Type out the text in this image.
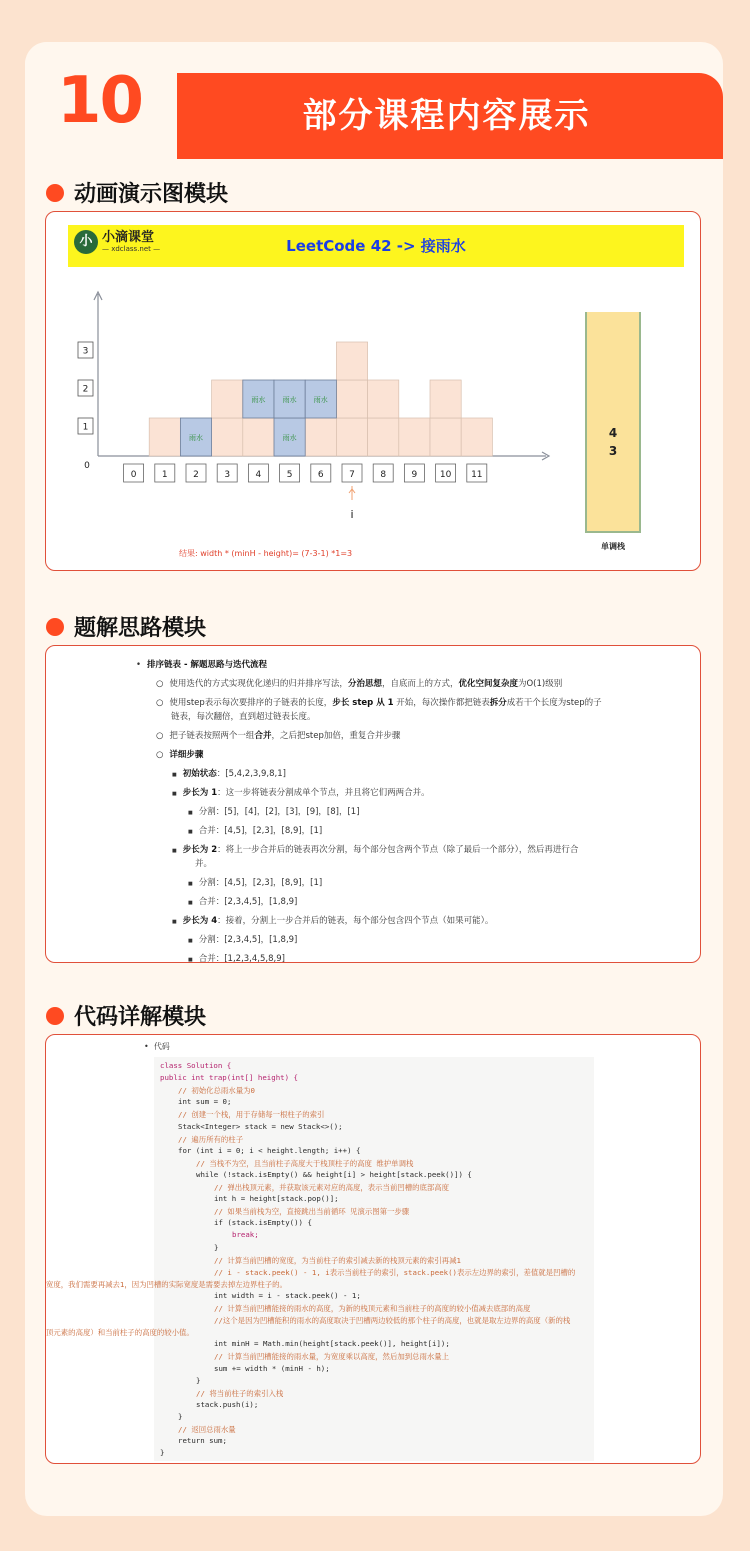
10	部分课程内容展示
动画演示图模块
小 小滴课堂
— xdclass.net —	LeetCode 42 -> 接雨水
3
2
1
0
雨水
雨水
雨水
雨水 雨水
0	1	2	3	4	5	6	7	8	9	10 11
i
4
3
单调栈
结果: width * (minH - height)= (7-3-1) *1=3
题解思路模块
• 排序链表 - 解题思路与迭代流程
○ 使用迭代的方式实现优化递归的归并排序写法，分治思想，自底而上的方式，优化空间复杂度为O(1)级别
○ 使用step表示每次要排序的子链表的长度，步长 step 从 1 开始，每次操作都把链表拆分成若干个长度为step的子
链表，每次翻倍，直到超过链表长度。
○ 把子链表按照两个一组合并，之后把step加倍，重复合并步骤
○ 详细步骤
■ 初始状态：[5,4,2,3,9,8,1]
■ 步长为 1：这一步将链表分割成单个节点，并且将它们两两合并。
■ 分割：[5]，[4]，[2]，[3]，[9]，[8]，[1]
■ 合并：[4,5]，[2,3]，[8,9]，[1]
■ 步长为 2：将上一步合并后的链表再次分割，每个部分包含两个节点（除了最后一个部分），然后再进行合
并。
■ 分割：[4,5]，[2,3]，[8,9]，[1]
■ 合并：[2,3,4,5]，[1,8,9]
■ 步长为 4：接着，分割上一步合并后的链表，每个部分包含四个节点（如果可能）。
■ 分割：[2,3,4,5]，[1,8,9]
■ 合并：[1,2,3,4,5,8,9]
代码详解模块
•  代码
class Solution {
public int trap(int[] height) {
// 初始化总雨水量为0
int sum = 0;
// 创建一个栈，用于存储每一根柱子的索引
Stack<Integer> stack = new Stack<>();
// 遍历所有的柱子
for (int i = 0; i < height.length; i++) {
// 当栈不为空，且当前柱子高度大于栈顶柱子的高度 维护单调栈
while (!stack.isEmpty() && height[i] > height[stack.peek()]) {
// 弹出栈顶元素，并获取该元素对应的高度，表示当前凹槽的底部高度
int h = height[stack.pop()];
// 如果当前栈为空，直接跳出当前循环 见演示图第一步骤
if (stack.isEmpty()) {
break;
}
// 计算当前凹槽的宽度，为当前柱子的索引减去新的栈顶元素的索引再减1
// i - stack.peek() - 1, i表示当前柱子的索引，stack.peek()表示左边界的索引，差值就是凹槽的
宽度，我们需要再减去1，因为凹槽的实际宽度是需要去掉左边界柱子的。
int width = i - stack.peek() - 1;
// 计算当前凹槽能接的雨水的高度，为新的栈顶元素和当前柱子的高度的较小值减去底部的高度
//这个是因为凹槽能积的雨水的高度取决于凹槽两边较低的那个柱子的高度，也就是取左边界的高度（新的栈
顶元素的高度）和当前柱子的高度的较小值。
int minH = Math.min(height[stack.peek()], height[i]);
// 计算当前凹槽能接的雨水量，为宽度乘以高度，然后加到总雨水量上
sum += width * (minH - h);
}
// 将当前柱子的索引入栈
stack.push(i);
}
// 返回总雨水量
return sum;
}
